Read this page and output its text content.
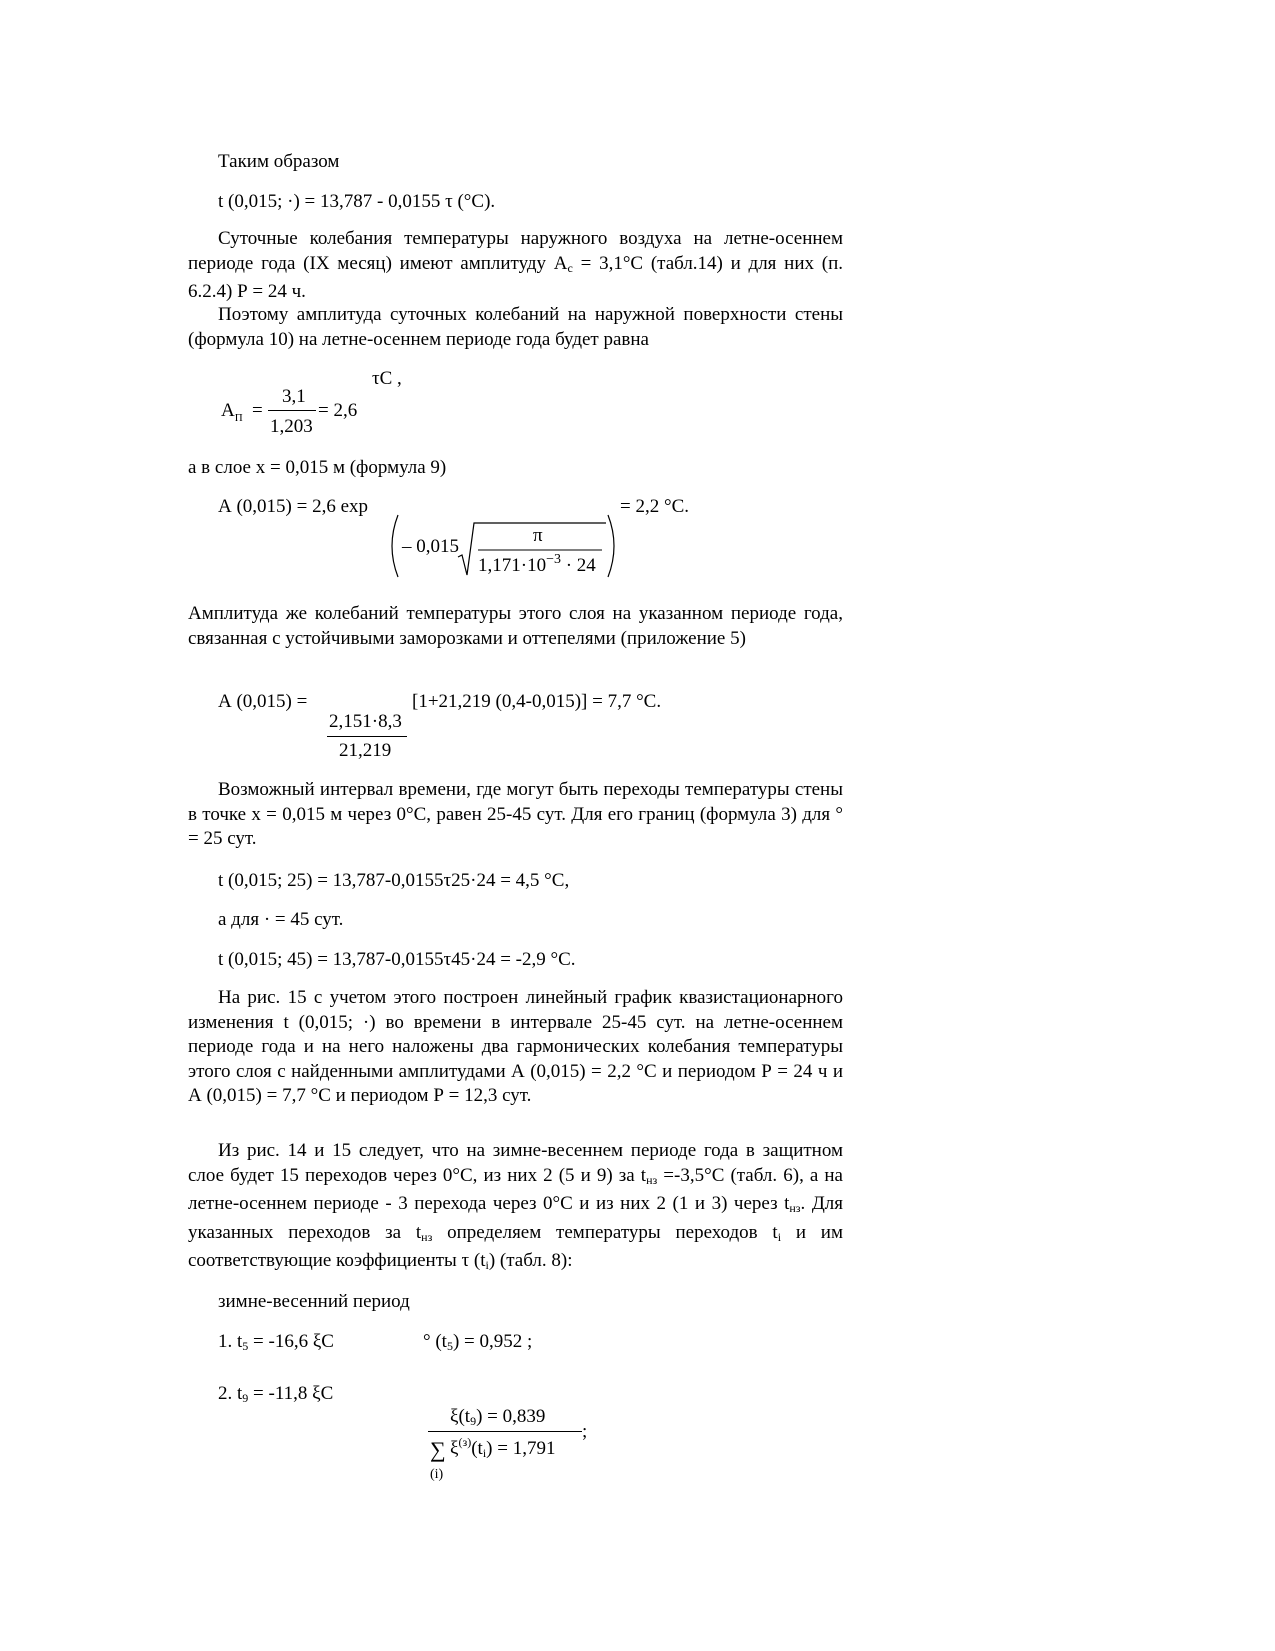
Таким образом
t (0,015; ·) = 13,787 - 0,0155 τ (°С).
Суточные колебания температуры наружного воздуха на летне-осеннем периоде года (IX месяц) имеют амплитуду $А_с = 3,1^\circ С$ (табл.14) и для них (п. 6.2.4) Р = 24 ч.
Поэтому амплитуда суточных колебаний на наружной поверхности стены (формула 10) на летне-осеннем периоде года будет равна
τС ,
$А_П$ =
3,1
1,203
= 2,6
а в слое х = 0,015 м (формула 9)
А (0,015) = 2,6 exp	= 2,2 °С.
– 0,015
π
$1,171\cdot 10^{-3} \cdot 24$
Амплитуда же колебаний температуры этого слоя на указанном периоде года, связанная с устойчивыми заморозками и оттепелями (приложение 5)
А (0,015) =	[1+21,219 (0,4-0,015)] = 7,7 °С.
2,151·8,3
21,219
Возможный интервал времени, где могут быть переходы температуры стены в точке х = 0,015 м через 0°С, равен 25-45 сут. Для его границ (формула 3) для ° = 25 сут.
t (0,015; 25) = 13,787-0,0155τ25·24 = 4,5 °С,
а для · = 45 сут.
t (0,015; 45) = 13,787-0,0155τ45·24 = -2,9 °С.
На рис. 15 с учетом этого построен линейный график квазистационарного изменения t (0,015; ·) во времени в интервале 25-45 сут. на летне-осеннем периоде года и на него наложены два гармонических колебания температуры этого слоя с найденными амплитудами А (0,015) = 2,2 °С и периодом Р = 24 ч и А (0,015) = 7,7 °С и периодом Р = 12,3 сут.
Из рис. 14 и 15 следует, что на зимне-весеннем периоде года в защитном слое будет 15 переходов через 0°С, из них 2 (5 и 9) за $t_{нз} =-3,5^\circ С$ (табл. 6), а на летне-осеннем периоде - 3 перехода через 0°С и из них 2 (1 и 3) через $t_{нз}$. Для указанных переходов за $t_{нз}$ определяем температуры переходов $t_i$ и им соответствующие коэффициенты τ $(t_i)$ (табл. 8):
зимне-весенний период
1. $t_5 = -16,6$ ξС	° $(t_5) = 0,952$ ;
2. $t_9 = -11,8$ ξС
$\xi(t_9) = 0,839$
;
∑ $\xi^{(з)}(t_i) = 1,791$
(i)
